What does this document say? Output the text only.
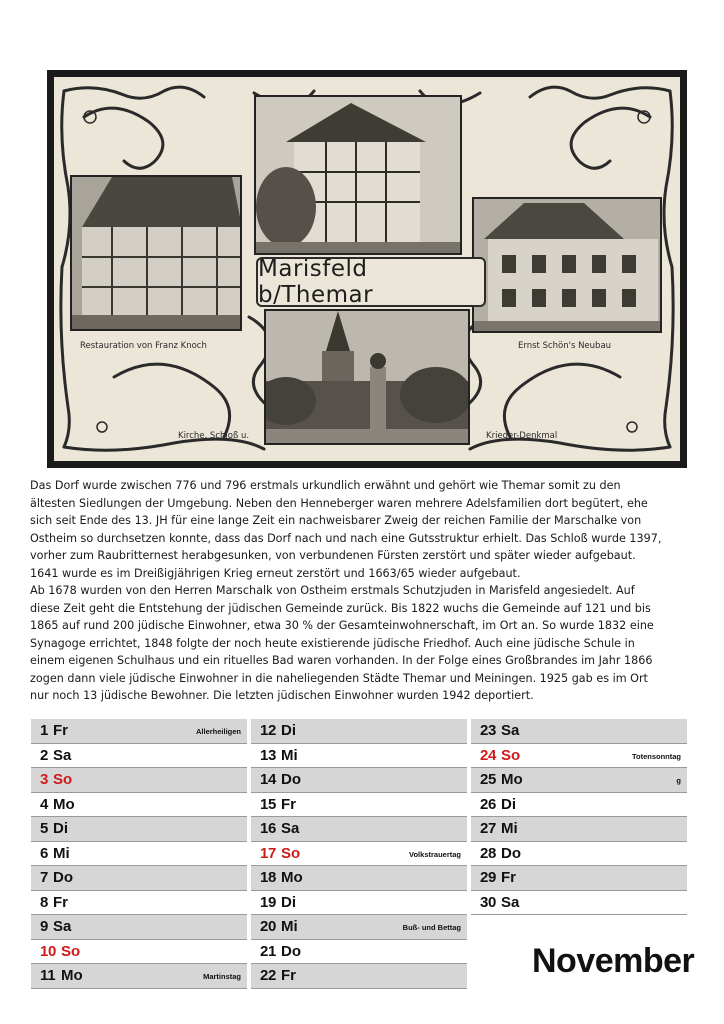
Restauration von Franz Knoch	Ernst Schön's Neubau
Kirche, Schloß u.	Krieger-Denkmal
Marisfeld b/Themar

Das Dorf wurde zwischen 776 und 796 erstmals urkundlich erwähnt und gehört wie Themar somit zu den

ältesten Siedlungen der Umgebung. Neben den Henneberger waren mehrere Adelsfamilien dort begütert, ehe

sich seit Ende des 13. JH für eine lange Zeit ein nachweisbarer Zweig der reichen Familie der Marschalke von

Ostheim so durchsetzen konnte, dass das Dorf nach und nach eine Gutsstruktur erhielt. Das Schloß wurde 1397,

vorher zum Raubritternest herabgesunken, von verbundenen Fürsten zerstört und später wieder aufgebaut.

1641 wurde es im Dreißigjährigen Krieg erneut zerstört und 1663/65 wieder aufgebaut.

Ab 1678 wurden von den Herren Marschalk von Ostheim erstmals Schutzjuden in Marisfeld angesiedelt. Auf

diese Zeit geht die Entstehung der jüdischen Gemeinde zurück. Bis 1822 wuchs die Gemeinde auf 121 und bis

1865 auf rund 200 jüdische Einwohner, etwa 30 % der Gesamteinwohnerschaft, im Ort an. So wurde 1832 eine

Synagoge errichtet, 1848 folgte der noch heute existierende jüdische Friedhof. Auch eine jüdische Schule in

einem eigenen Schulhaus und ein rituelles Bad waren vorhanden. In der Folge eines Großbrandes im Jahr 1866

zogen dann viele jüdische Einwohner in die naheliegenden Städte Themar und Meiningen. 1925 gab es im Ort

nur noch 13 jüdische Bewohner. Die letzten jüdischen Einwohner wurden 1942 deportiert.

1 Fr	Allerheiligen
2 Sa
3 So
4 Mo
5 Di
6 Mi
7 Do
8 Fr
9 Sa
10 So
11 Mo	Martinstag
12 Di
13 Mi
14 Do
15 Fr
16 Sa
17 So	Volkstrauertag
18 Mo
19 Di
20 Mi	Buß- und Bettag
21 Do
22 Fr
23 Sa
24 So	Totensonntag
25 Mo	g
26 Di
27 Mi
28 Do
29 Fr
30 Sa
November
